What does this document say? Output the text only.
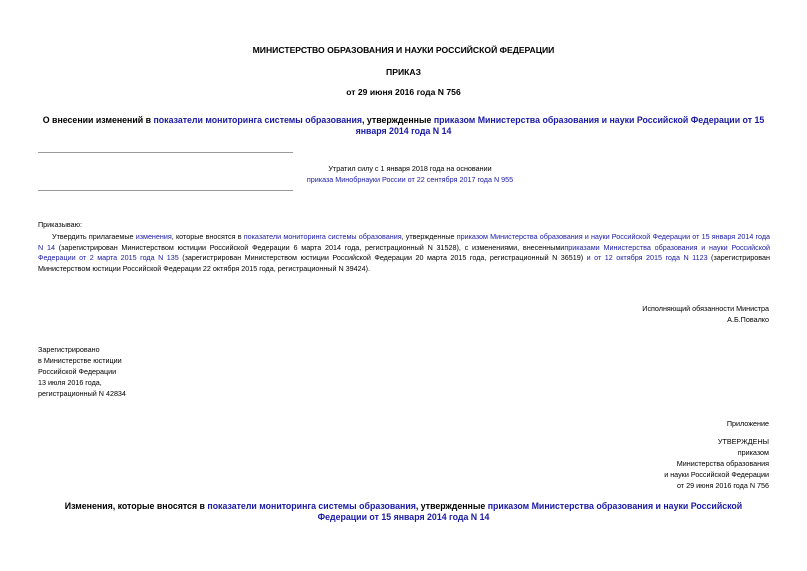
МИНИСТЕРСТВО ОБРАЗОВАНИЯ И НАУКИ РОССИЙСКОЙ ФЕДЕРАЦИИ
ПРИКАЗ
от 29 июня 2016 года N 756
О внесении изменений в показатели мониторинга системы образования, утвержденные приказом Министерства образования и науки Российской Федерации от 15 января 2014 года N 14
Утратил силу с 1 января 2018 года на основании
приказа Минобрнауки России от 22 сентября 2017 года N 955
Приказываю:
Утвердить прилагаемые изменения, которые вносятся в показатели мониторинга системы образования, утвержденные приказом Министерства образования и науки Российской Федерации от 15 января 2014 года N 14 (зарегистрирован Министерством юстиции Российской Федерации 6 марта 2014 года, регистрационный N 31528), с изменениями, внесеннымиприказами Министерства образования и науки Российской Федерации от 2 марта 2015 года N 135 (зарегистрирован Министерством юстиции Российской Федерации 20 марта 2015 года, регистрационный N 36519) и от 12 октября 2015 года N 1123 (зарегистрирован Министерством юстиции Российской Федерации 22 октября 2015 года, регистрационный N 39424).
Исполняющий обязанности Министра
А.Б.Повалко
Зарегистрировано
в Министерстве юстиции
Российской Федерации
13 июля 2016 года,
регистрационный N 42834
Приложение
УТВЕРЖДЕНЫ
приказом
Министерства образования
и науки Российской Федерации
от 29 июня 2016 года N 756
Изменения, которые вносятся в показатели мониторинга системы образования, утвержденные приказом Министерства образования и науки Российской Федерации от 15 января 2014 года N 14
